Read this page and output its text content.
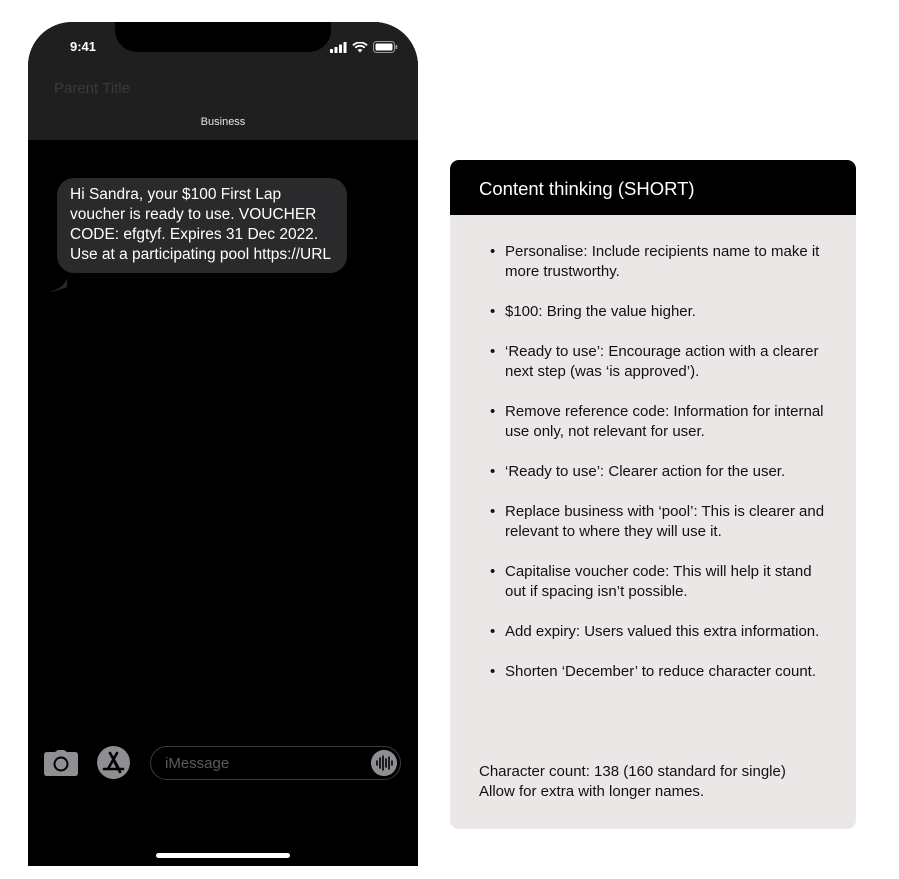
9:41
Parent Title
Business
Hi Sandra, your $100 First Lap voucher is ready to use. VOUCHER CODE: efgtyf. Expires 31 Dec 2022. Use at a participating pool https://URL
iMessage
Content thinking (SHORT)
• Personalise: Include recipients name to make it more trustworthy.
• $100: Bring the value higher.
• ‘Ready to use’: Encourage action with a clearer next step (was ‘is approved’).
• Remove reference code: Information for internal use only, not relevant for user.
• ‘Ready to use’: Clearer action for the user.
• Replace business with ‘pool’: This is clearer and relevant to where they will use it.
• Capitalise voucher code: This will help it stand out if spacing isn’t possible.
• Add expiry: Users valued this extra information.
• Shorten ‘December’ to reduce character count.
Character count: 138 (160 standard for single)
Allow for extra with longer names.
